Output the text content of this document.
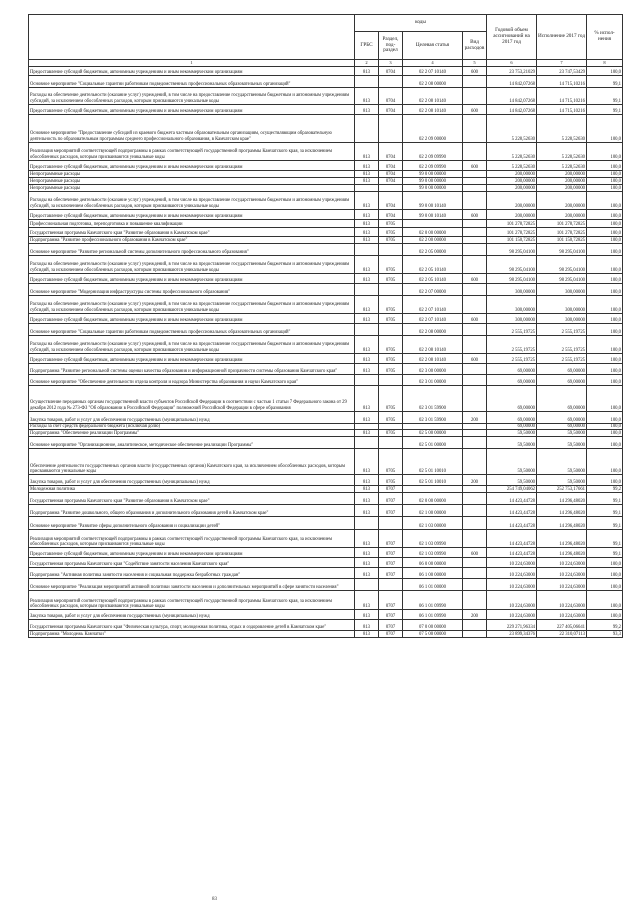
	коды				Годовой объем ассигнований на 2017 год	Исполнение 2017 год	% испол-нения
	ГРБС	Раздел, под-раздел	Целевая статья	Вид расходов			
1	2	3	4	5	6	7	8
Предоставление субсидий бюджетным, автономным учреждениям и иным некоммерческим организациям	813	0704	02 2 07 10140	600	23 753,21029	23 747,53429	100,0
Основное мероприятие "Социальные гарантии работникам подведомственных профессиональных образовательных организаций"			02 2 08 00000		14 842,07268	14 715,10216	99,1
Расходы на обеспечение деятельности (оказание услуг) учреждений, в том числе на предоставление государственным бюджетным и автономным учреждениям субсидий, за исключением обособленных расходов, которым присваиваются уникальные коды	813	0704	02 2 08 10140		14 842,07268	14 715,10216	99,1
Предоставление субсидий бюджетным, автономным учреждениям и иным некоммерческим организациям	813	0704	02 2 08 10140	600	14 842,07268	14 715,10216	99,1
Основное мероприятие "Предоставление субсидий из краевого бюджета частным образовательным организациям, осуществляющим образовательную деятельность по образовательным программам среднего профессионального образования, в Камчатском крае"			02 2 09 00000		5 228,52630	5 228,52630	100,0
Реализация мероприятий соответствующей подпрограммы в рамках соответствующей государственной программы Камчатского края, за исключением обособленных расходов, которым присваиваются уникальные коды	813	0704	02 2 09 09990		5 228,52630	5 228,52630	100,0
Предоставление субсидий бюджетным, автономным учреждениям и иным некоммерческим организациям	813	0704	02 2 09 09990	600	5 228,52630	5 228,52630	100,0
Непрограммные расходы	813	0704	99 0 00 00000		200,00000	200,00000	100,0
Непрограммные расходы	813	0704	99 0 00 00000		200,00000	200,00000	100,0
Непрограммные расходы			99 0 00 00000		200,00000	200,00000	100,0
Расходы на обеспечение деятельности (оказание услуг) учреждений, в том числе на предоставление государственным бюджетным и автономным учреждениям субсидий, за исключением обособленных расходов, которым присваиваются уникальные коды	813	0704	99 0 00 10140		200,00000	200,00000	100,0
Предоставление субсидий бюджетным, автономным учреждениям и иным некоммерческим организациям	813	0704	99 0 00 10140	600	200,00000	200,00000	100,0
Профессиональная подготовка, переподготовка и повышение квалификации	813	0705			101 278,72825	101 278,72825	100,0
Государственная программа Камчатского края "Развитие образования в Камчатском крае"	813	0705	02 0 00 00000		101 278,72825	101 278,72825	100,0
Подпрограмма "Развитие профессионального образования в Камчатском крае"	813	0705	02 2 00 00000		101 150,72825	101 150,72825	100,0
Основное мероприятие "Развитие региональной системы дополнительного профессионального образования"			02 2 05 00000		98 295,04100	98 295,04100	100,0
Расходы на обеспечение деятельности (оказание услуг) учреждений, в том числе на предоставление государственным бюджетным и автономным учреждениям субсидий, за исключением обособленных расходов, которым присваиваются уникальные коды	813	0705	02 2 05 10140		98 295,04100	98 295,04100	100,0
Предоставление субсидий бюджетным, автономным учреждениям и иным некоммерческим организациям	813	0705	02 2 05 10140	600	98 295,04100	98 295,04100	100,0
Основное мероприятие "Модернизация инфраструктуры системы профессионального образования"			02 2 07 00000		300,00000	300,00000	100,0
Расходы на обеспечение деятельности (оказание услуг) учреждений, в том числе на предоставление государственным бюджетным и автономным учреждениям субсидий, за исключением обособленных расходов, которым присваиваются уникальные коды	813	0705	02 2 07 10140		300,00000	300,00000	100,0
Предоставление субсидий бюджетным, автономным учреждениям и иным некоммерческим организациям	813	0705	02 2 07 10140	600	300,00000	300,00000	100,0
Основное мероприятие "Социальные гарантии работникам подведомственных профессиональных образовательных организаций"			02 2 08 00000		2 555,19725	2 555,19725	100,0
Расходы на обеспечение деятельности (оказание услуг) учреждений, в том числе на предоставление государственным бюджетным и автономным учреждениям субсидий, за исключением обособленных расходов, которым присваиваются уникальные коды	813	0705	02 2 08 10140		2 555,19725	2 555,19725	100,0
Предоставление субсидий бюджетным, автономным учреждениям и иным некоммерческим организациям	813	0705	02 2 08 10140	600	2 555,19725	2 555,19725	100,0
Подпрограмма "Развитие региональной системы оценки качества образования и информационной прозрачности системы образования Камчатского края"	813	0705	02 3 00 00000		69,00000	69,00000	100,0
Основное мероприятие "Обеспечение деятельности отдела контроля и надзора Министерства образования и науки Камчатского края"			02 3 01 00000		69,00000	69,00000	100,0
Осуществление переданных органам государственной власти субъектов Российской Федерации в соответствии с частью 1 статьи 7 Федерального закона от 29 декабря 2012 года № 273-ФЗ "Об образовании в Российской Федерации" полномочий Российской Федерации в сфере образования	813	0705	02 3 01 59900		69,00000	69,00000	100,0
Закупка товаров, работ и услуг для обеспечения государственных (муниципальных) нужд	813	0705	02 3 01 59900	200	69,00000	69,00000	100,0
Расходы за счет средств федерального бюджета (исключая долю)					69,00000	69,00000	100,0
Подпрограмма "Обеспечение реализации Программы"	813	0705	02 5 00 00000		59,50000	59,50000	100,0
Основное мероприятие "Организационное, аналитическое, методическое обеспечение реализации Программы"			02 5 01 00000		59,50000	59,50000	100,0
Обеспечение деятельности государственных органов власти (государственных органов) Камчатского края, за исключением обособленных расходов, которым присваиваются уникальные коды	813	0705	02 5 01 10010		59,50000	59,50000	100,0
Закупка товаров, работ и услуг для обеспечения государственных (муниципальных) нужд	813	0705	02 5 01 10010	200	59,50000	59,50000	100,0
Молодежная политика	813	0707			254 749,04062	252 753,17661	99,2
Государственная программа Камчатского края "Развитие образования в Камчатском крае"	813	0707	02 0 00 00000		14 423,44728	14 296,48020	99,1
Подпрограмма "Развитие дошкольного, общего образования и дополнительного образования детей в Камчатском крае"	813	0707	02 1 00 00000		14 423,44728	14 296,48020	99,1
Основное мероприятие "Развитие сферы дополнительного образования и социализации детей"			02 1 03 00000		14 423,44728	14 296,48020	99,1
Реализация мероприятий соответствующей подпрограммы в рамках соответствующей государственной программы Камчатского края, за исключением обособленных расходов, которым присваиваются уникальные коды	813	0707	02 1 03 09990		14 423,44728	14 296,48020	99,1
Предоставление субсидий бюджетным, автономным учреждениям и иным некоммерческим организациям	813	0707	02 1 03 09990	600	14 423,44728	14 296,48020	99,1
Государственная программа Камчатского края "Содействие занятости населения Камчатского края"	813	0707	06 0 00 00000		10 224,63000	10 224,63000	100,0
Подпрограмма "Активная политика занятости населения и социальная поддержка безработных граждан"	813	0707	06 1 00 00000		10 224,63000	10 224,63000	100,0
Основное мероприятие "Реализация мероприятий активной политики занятости населения и дополнительных мероприятий в сфере занятости населения"			06 1 01 00000		10 224,63000	10 224,63000	100,0
Реализация мероприятий соответствующей подпрограммы в рамках соответствующей государственной программы Камчатского края, за исключением обособленных расходов, которым присваиваются уникальные коды	813	0707	06 1 01 09990		10 224,63000	10 224,63000	100,0
Закупка товаров, работ и услуг для обеспечения государственных (муниципальных) нужд	813	0707	06 1 01 09990	200	10 224,63000	10 224,63000	100,0
Государственная программа Камчатского края "Физическая культура, спорт, молодежная политика, отдых и оздоровление детей в Камчатском крае"	813	0707	07 0 00 00000		229 271,96334	227 405,06641	99,2
Подпрограмма "Молодежь Камчатки"	813	0707	07 5 00 00000		23 899,34376	22 310,07113	93,3
83
